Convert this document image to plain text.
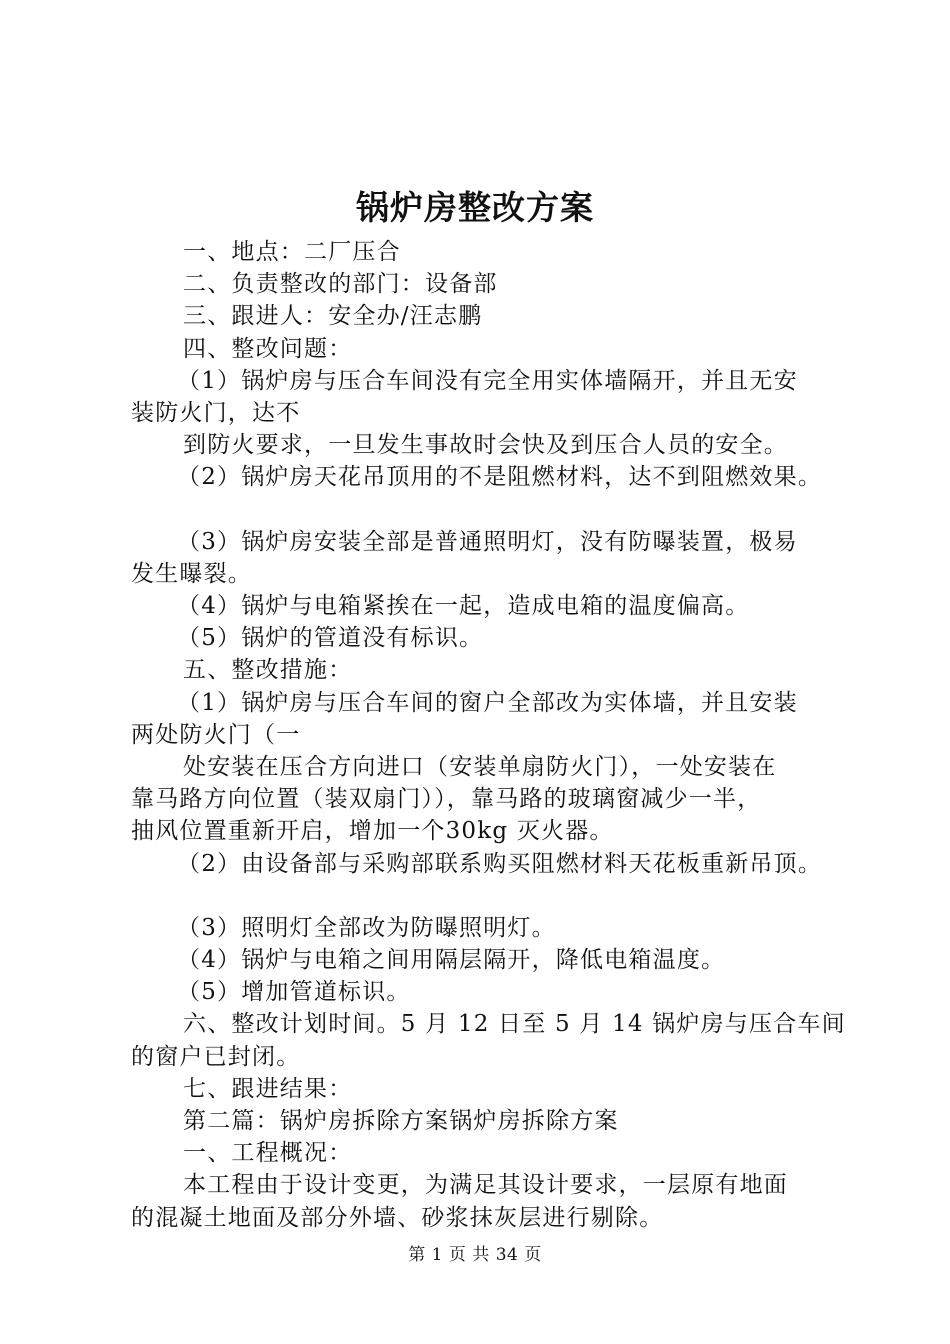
锅炉房整改方案

一、地点：二厂压合

二、负责整改的部门：设备部

三、跟进人：安全办/汪志鹏

四、整改问题：

（1）锅炉房与压合车间没有完全用实体墙隔开，并且无安

装防火门，达不

到防火要求，一旦发生事故时会快及到压合人员的安全。

（2）锅炉房天花吊顶用的不是阻燃材料，达不到阻燃效果。

（3）锅炉房安装全部是普通照明灯，没有防曝装置，极易

发生曝裂。

（4）锅炉与电箱紧挨在一起，造成电箱的温度偏高。

（5）锅炉的管道没有标识。

五、整改措施：

（1）锅炉房与压合车间的窗户全部改为实体墙，并且安装

两处防火门（一

处安装在压合方向进口（安装单扇防火门），一处安装在

靠马路方向位置（装双扇门）），靠马路的玻璃窗减少一半，

抽风位置重新开启，增加一个30kg 灭火器。

（2）由设备部与采购部联系购买阻燃材料天花板重新吊顶。

（3）照明灯全部改为防曝照明灯。

（4）锅炉与电箱之间用隔层隔开，降低电箱温度。

（5）增加管道标识。

六、整改计划时间。5 月 12 日至 5 月 14 锅炉房与压合车间

的窗户已封闭。

七、跟进结果：

第二篇：锅炉房拆除方案锅炉房拆除方案

一、工程概况：

本工程由于设计变更，为满足其设计要求，一层原有地面

的混凝土地面及部分外墙、砂浆抹灰层进行剔除。

第 1 页 共 34 页
